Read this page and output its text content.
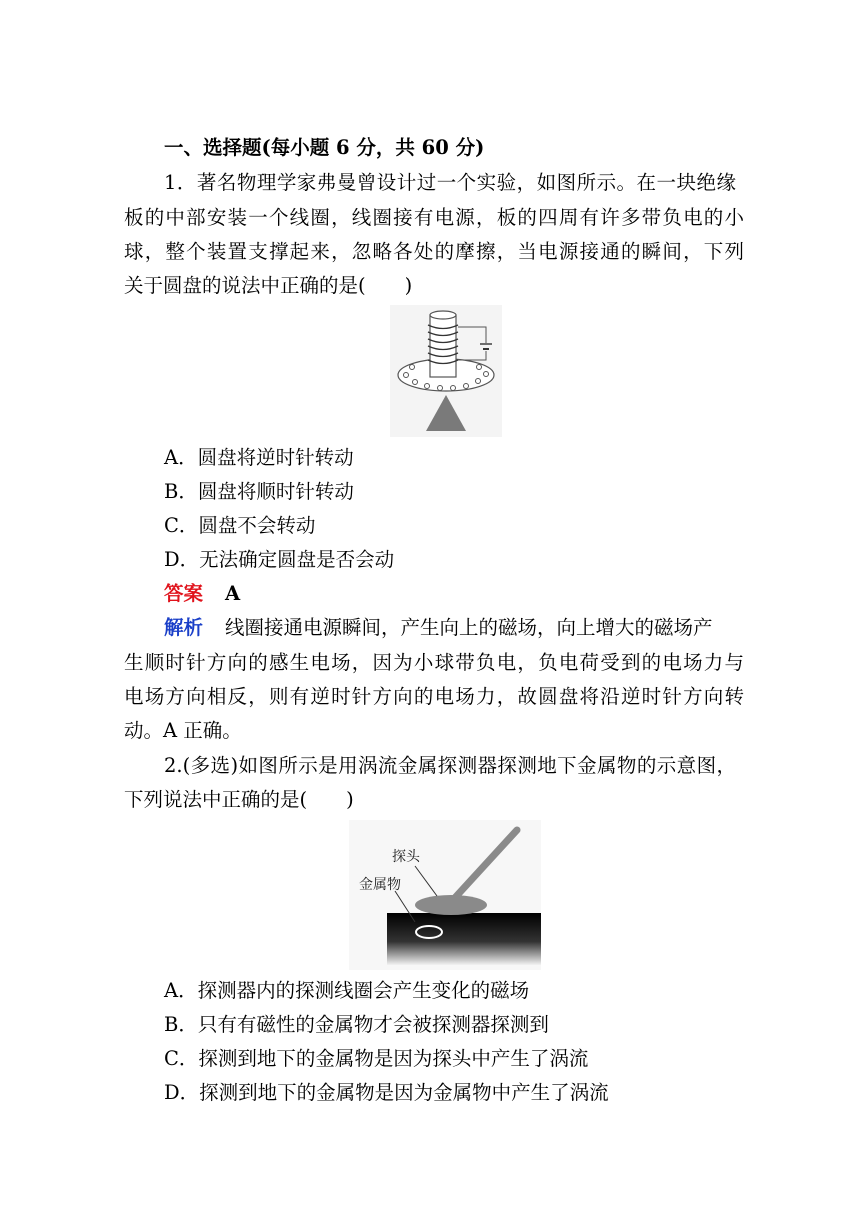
一、选择题(每小题 6 分，共 60 分)
1．著名物理学家弗曼曾设计过一个实验，如图所示。在一块绝缘
板的中部安装一个线圈，线圈接有电源，板的四周有许多带负电的小
球，整个装置支撑起来，忽略各处的摩擦，当电源接通的瞬间，下列
关于圆盘的说法中正确的是(　　)
A．圆盘将逆时针转动
B．圆盘将顺时针转动
C．圆盘不会转动
D．无法确定圆盘是否会动
答案 A
解析 线圈接通电源瞬间，产生向上的磁场，向上增大的磁场产
生顺时针方向的感生电场，因为小球带负电，负电荷受到的电场力与
电场方向相反，则有逆时针方向的电场力，故圆盘将沿逆时针方向转
动。A 正确。
2.(多选)如图所示是用涡流金属探测器探测地下金属物的示意图，
下列说法中正确的是(　　)
探头
金属物
A．探测器内的探测线圈会产生变化的磁场
B．只有有磁性的金属物才会被探测器探测到
C．探测到地下的金属物是因为探头中产生了涡流
D．探测到地下的金属物是因为金属物中产生了涡流
